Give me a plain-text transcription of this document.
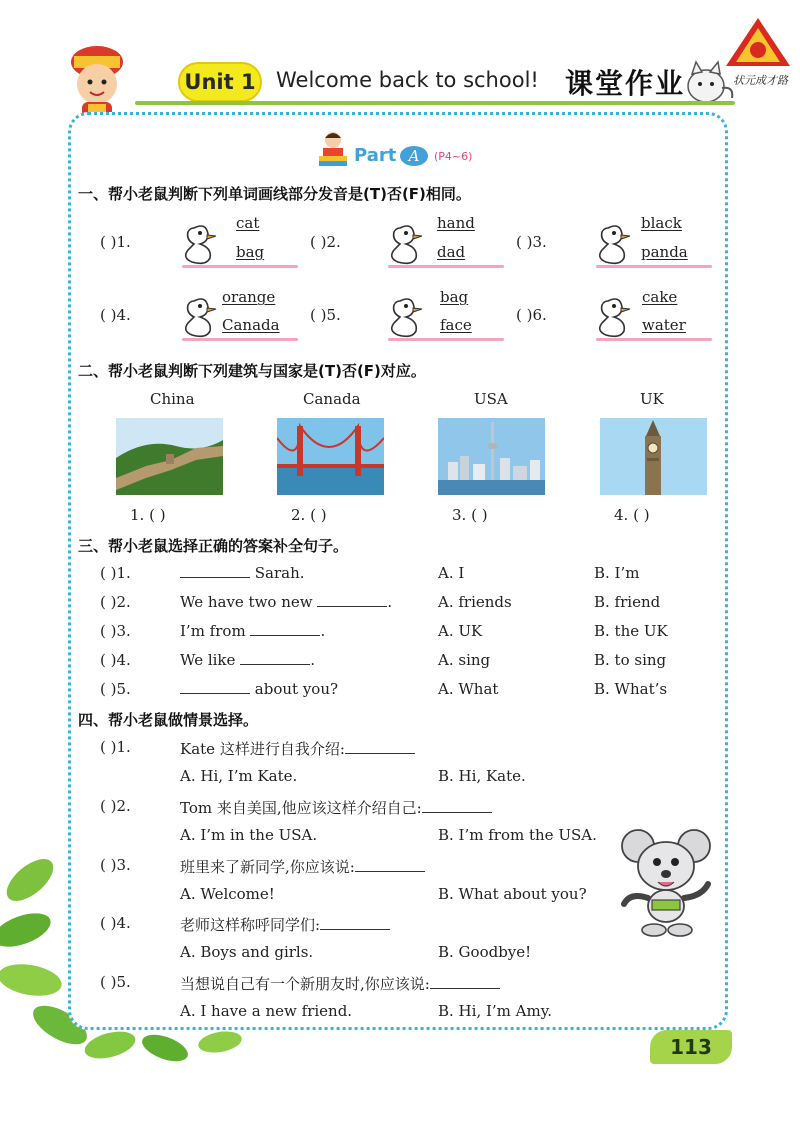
Unit 1 Welcome back to school! 课堂作业	状元成才路
Part A	(P4~6)
一、帮小老鼠判断下列单词画线部分发音是(T)否(F)相同。
( )1.
cat
bag
( )2.
hand
dad
( )3.
black
panda
( )4.
orange
Canada
( )5.
bag
face
( )6.
cake
water
二、帮小老鼠判断下列建筑与国家是(T)否(F)对应。
China	Canada	USA	UK
1. ( )	2. ( )	3. ( )	4. ( )
三、帮小老鼠选择正确的答案补全句子。
( )1.	Sarah.	A. I	B. I’m
( )2.	We have two new	.	A. friends	B. friend
( )3.	I’m from	.	A. UK	B. the UK
( )4.	We like	.	A. sing	B. to sing
( )5.	about you?	A. What	B. What’s
四、帮小老鼠做情景选择。
( )1.	Kate 这样进行自我介绍:
A. Hi, I’m Kate.	B. Hi, Kate.
( )2.	Tom 来自美国,他应该这样介绍自己:
A. I’m in the USA.	B. I’m from the USA.
( )3.	班里来了新同学,你应该说:
A. Welcome!	B. What about you?
( )4.	老师这样称呼同学们:
A. Boys and girls.	B. Goodbye!
( )5.	当想说自己有一个新朋友时,你应该说:
A. I have a new friend.	B. Hi, I’m Amy.
113
